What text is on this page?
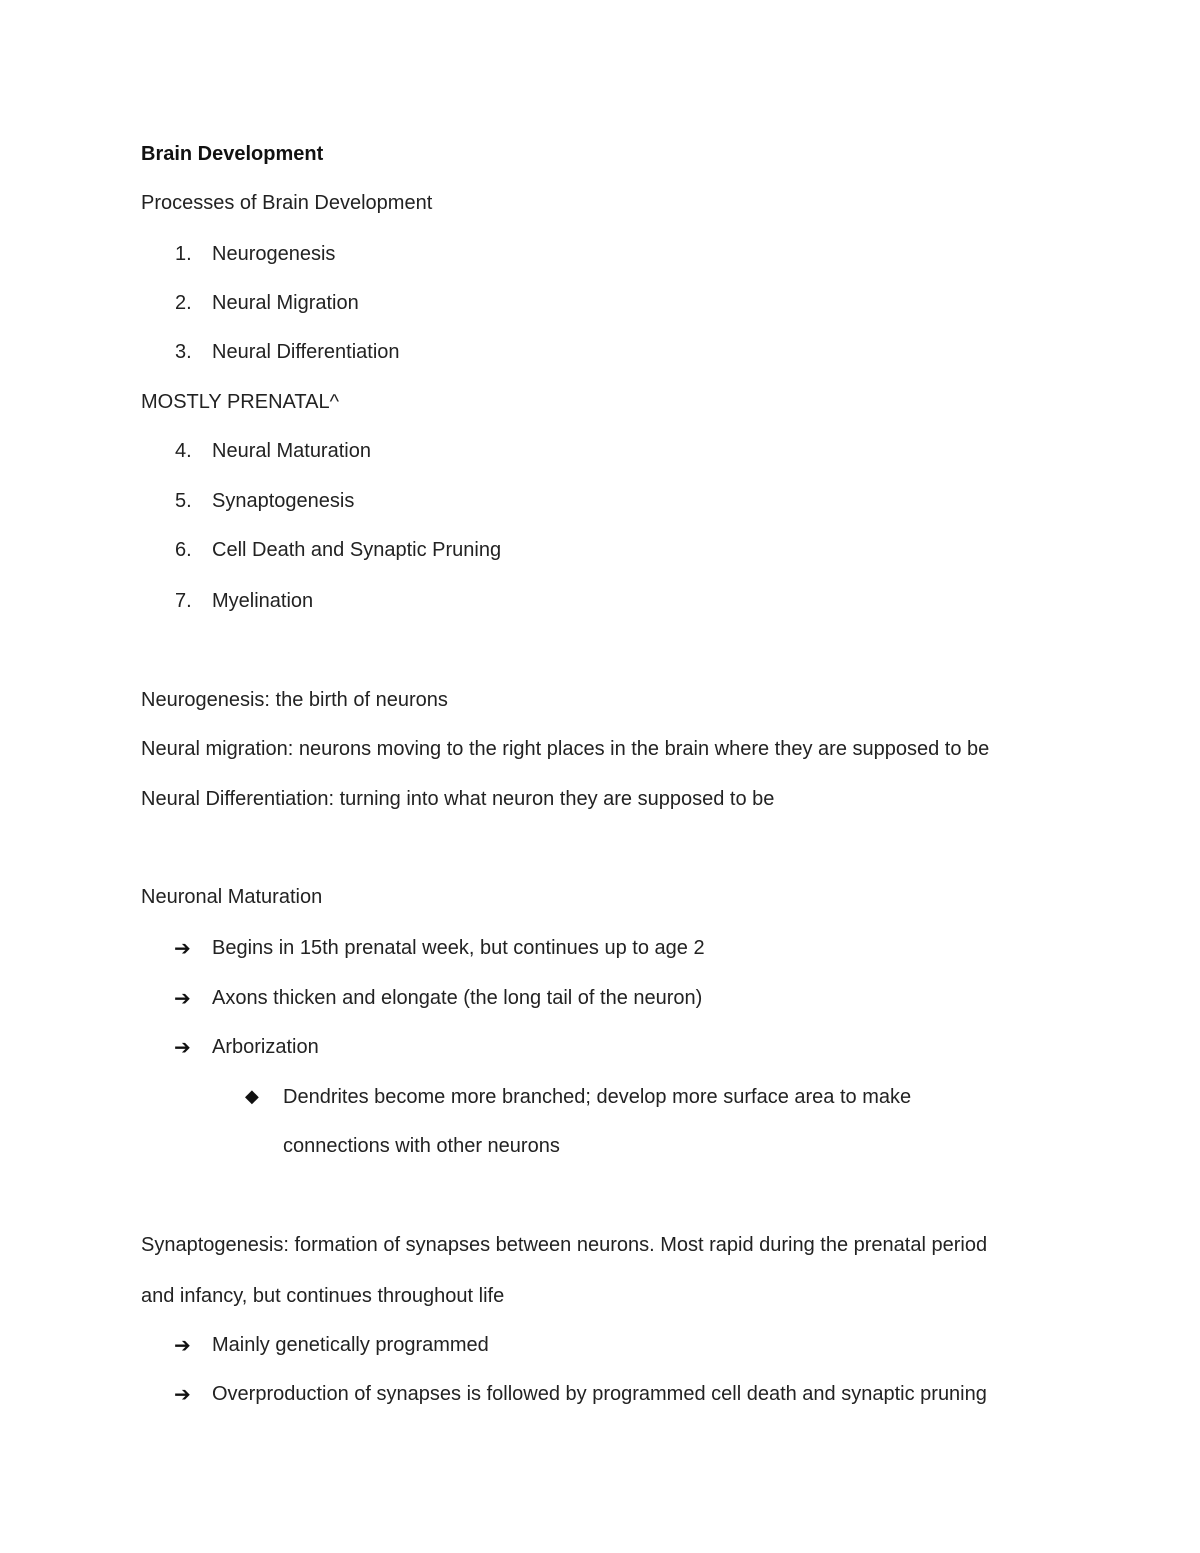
Brain Development
Processes of Brain Development
1. Neurogenesis
2. Neural Migration
3. Neural Differentiation
MOSTLY PRENATAL^
4. Neural Maturation
5. Synaptogenesis
6. Cell Death and Synaptic Pruning
7. Myelination
Neurogenesis: the birth of neurons
Neural migration: neurons moving to the right places in the brain where they are supposed to be
Neural Differentiation: turning into what neuron they are supposed to be
Neuronal Maturation
➔ Begins in 15th prenatal week, but continues up to age 2
➔ Axons thicken and elongate (the long tail of the neuron)
➔ Arborization
◆ Dendrites become more branched; develop more surface area to make
connections with other neurons
Synaptogenesis: formation of synapses between neurons. Most rapid during the prenatal period
and infancy, but continues throughout life
➔ Mainly genetically programmed
➔ Overproduction of synapses is followed by programmed cell death and synaptic pruning
